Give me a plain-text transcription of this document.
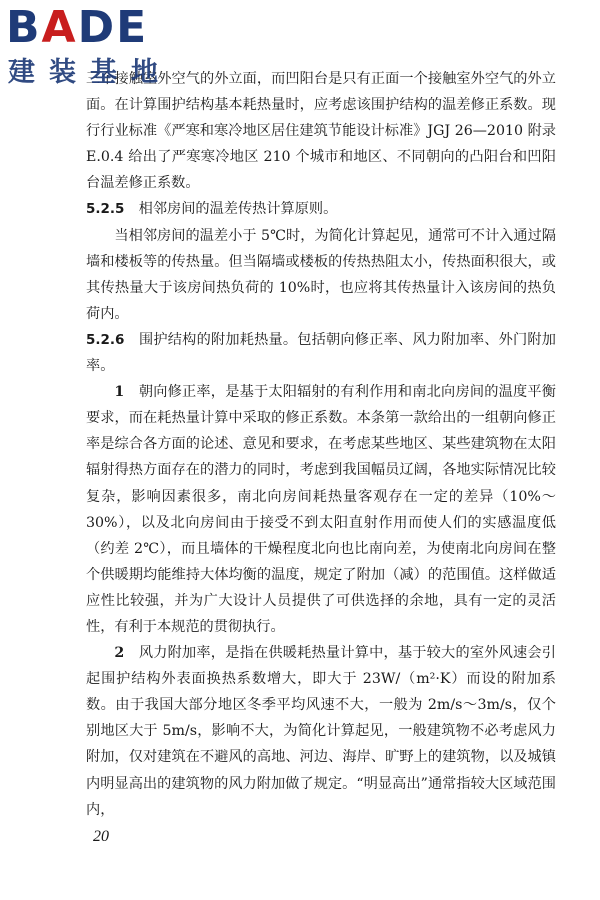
BADE
建装基地

三个接触室外空气的外立面，而凹阳台是只有正面一个接触室外空气的外立面。在计算围护结构基本耗热量时，应考虑该围护结构的温差修正系数。现行行业标准《严寒和寒冷地区居住建筑节能设计标准》JGJ 26—2010 附录 E.0.4 给出了严寒寒冷地区 210 个城市和地区、不同朝向的凸阳台和凹阳台温差修正系数。

5.2.5　 相邻房间的温差传热计算原则。

当相邻房间的温差小于 5℃时，为简化计算起见，通常可不计入通过隔墙和楼板等的传热量。但当隔墙或楼板的传热热阻太小，传热面积很大，或其传热量大于该房间热负荷的 10%时，也应将其传热量计入该房间的热负荷内。

5.2.6　 围护结构的附加耗热量。包括朝向修正率、风力附加率、外门附加率。

1　 朝向修正率，是基于太阳辐射的有利作用和南北向房间的温度平衡要求，而在耗热量计算中采取的修正系数。本条第一款给出的一组朝向修正率是综合各方面的论述、意见和要求，在考虑某些地区、某些建筑物在太阳辐射得热方面存在的潜力的同时，考虑到我国幅员辽阔，各地实际情况比较复杂，影响因素很多，南北向房间耗热量客观存在一定的差异（10%～30%），以及北向房间由于接受不到太阳直射作用而使人们的实感温度低（约差 2℃），而且墙体的干燥程度北向也比南向差，为使南北向房间在整个供暖期均能维持大体均衡的温度，规定了附加（减）的范围值。这样做适应性比较强，并为广大设计人员提供了可供选择的余地，具有一定的灵活性，有利于本规范的贯彻执行。

2　 风力附加率，是指在供暖耗热量计算中，基于较大的室外风速会引起围护结构外表面换热系数增大，即大于 23W/（m²·K）而设的附加系数。由于我国大部分地区冬季平均风速不大，一般为 2m/s～3m/s，仅个别地区大于 5m/s，影响不大，为简化计算起见，一般建筑物不必考虑风力附加，仅对建筑在不避风的高地、河边、海岸、旷野上的建筑物，以及城镇内明显高出的建筑物的风力附加做了规定。“明显高出”通常指较大区域范围内，

20
